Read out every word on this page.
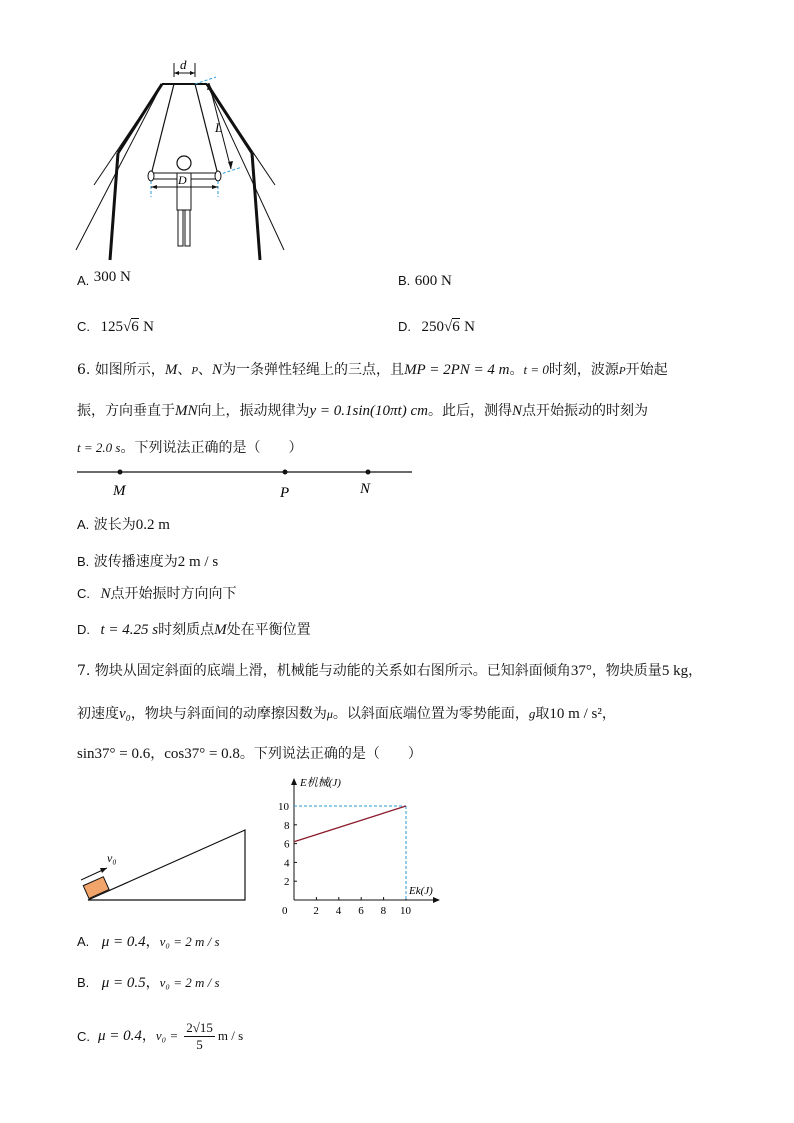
d
L
D
A. 300 N	B. 600 N
C. 125√6 N	D. 250√6 N
6. 如图所示，M、P、N为一条弹性轻绳上的三点，且MP = 2PN = 4 m。t = 0时刻，波源P开始起
振，方向垂直于MN向上，振动规律为y = 0.1sin(10πt) cm。此后，测得N点开始振动的时刻为
t = 2.0 s。下列说法正确的是（　　）
M	P	N
A. 波长为0.2 m
B. 波传播速度为2 m / s
C. N点开始振时方向向下
D. t = 4.25 s时刻质点M处在平衡位置
7. 物块从固定斜面的底端上滑，机械能与动能的关系如右图所示。已知斜面倾角37°，物块质量5 kg，
初速度v₀，物块与斜面间的动摩擦因数为μ。以斜面底端位置为零势能面，g取10 m / s²，
sin37° = 0.6，cos37° = 0.8。下列说法正确的是（　　）
v₀
E机械(J)
Ek(J)
0 2 4 6 8 10
2
4
6
8
10
A. μ = 0.4，v₀ = 2 m / s
B. μ = 0.5，v₀ = 2 m / s
C. μ = 0.4 ， $v_0 = \frac{2√15}{5}$ m / s
